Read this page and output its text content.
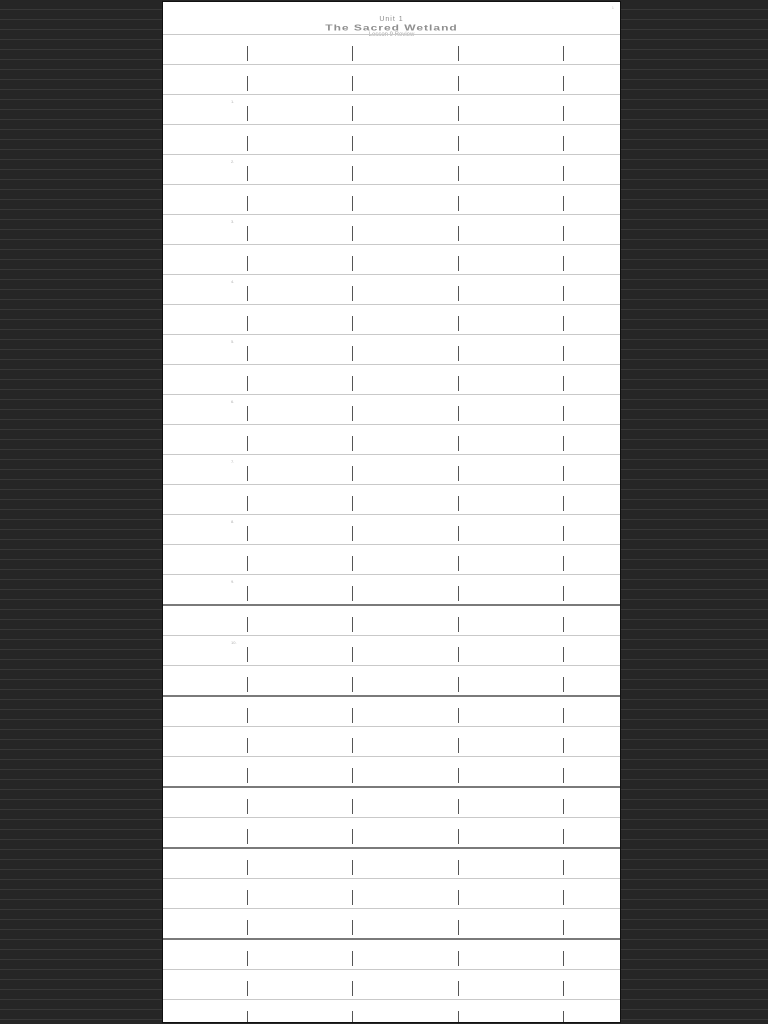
1
Unit 1
The Sacred Wetland
Lesson 9 Review
1.
2.
3.
4.
5.
6.
7.
8.
9.
10.
